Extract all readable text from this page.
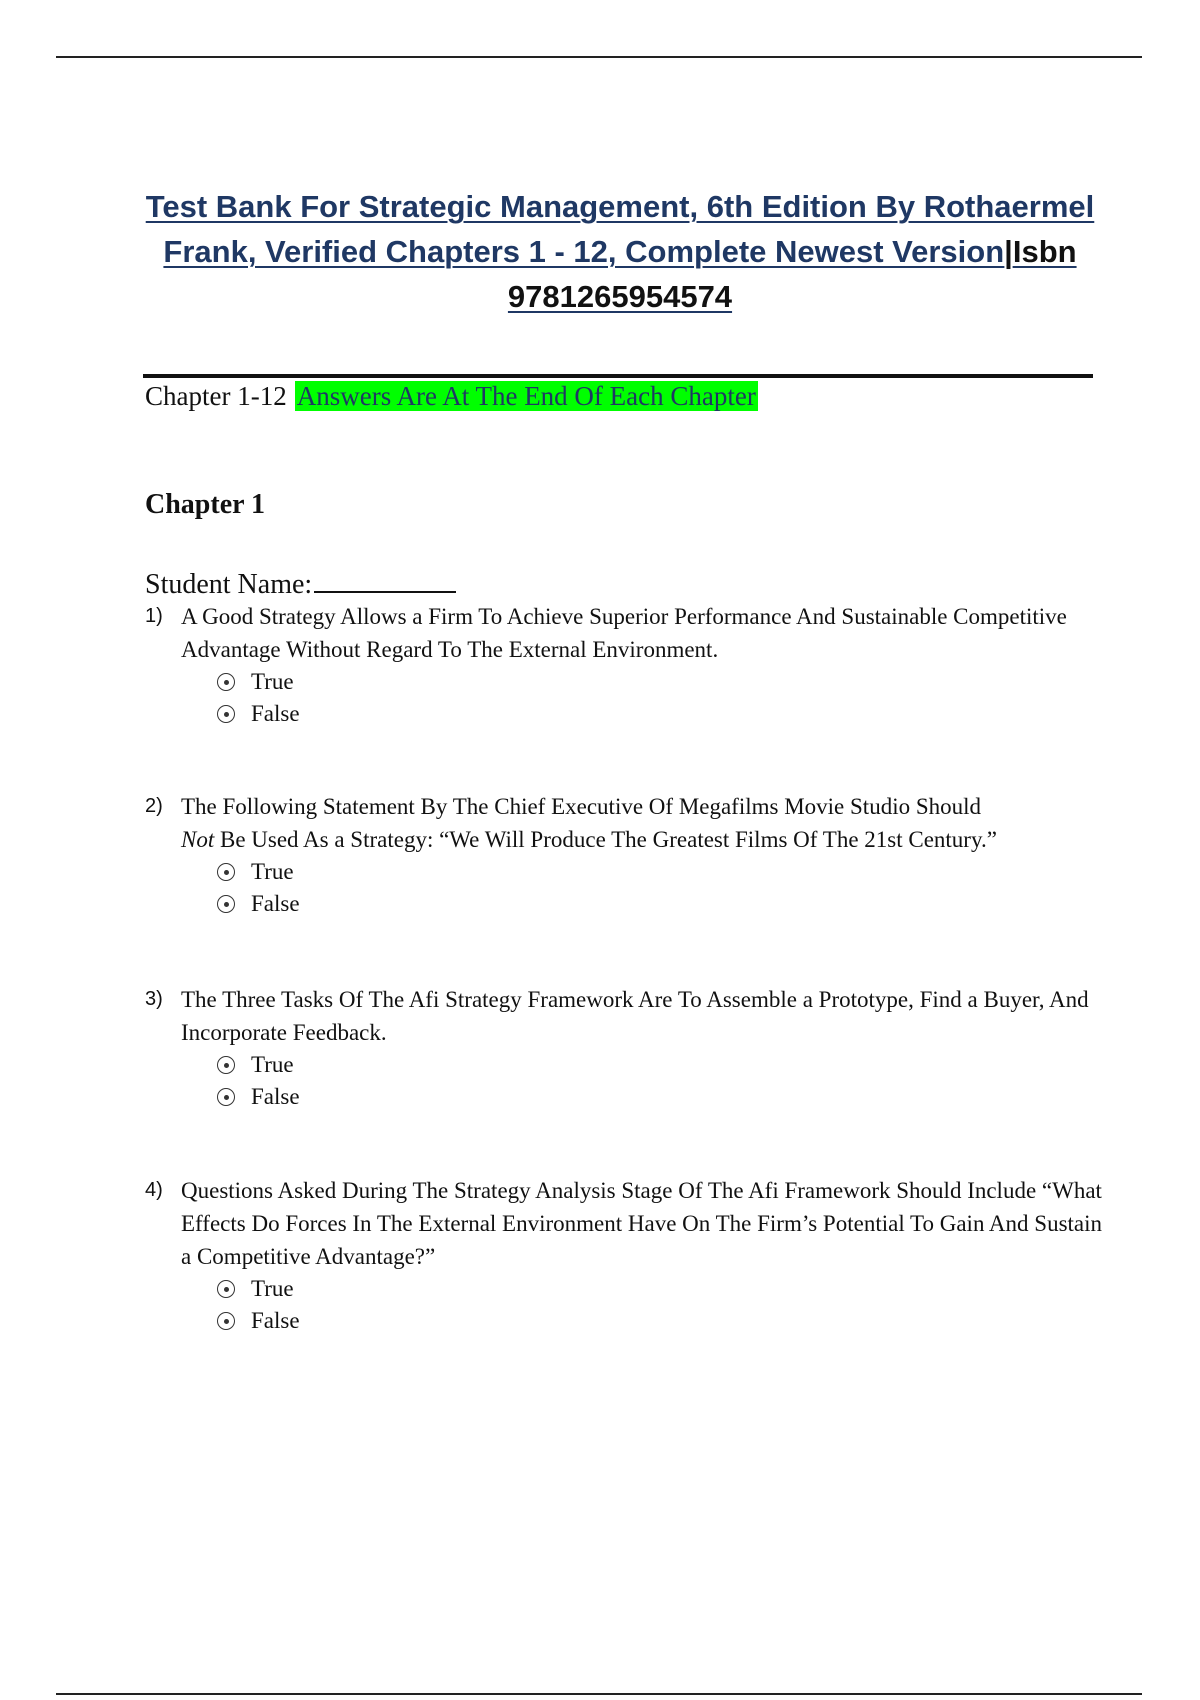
Test Bank For Strategic Management, 6th Edition By Rothaermel
Frank, Verified Chapters 1 - 12, Complete Newest Version|Isbn
9781265954574
Chapter 1-12 Answers Are At The End Of Each Chapter
Chapter 1
Student Name:
1) A Good Strategy Allows a Firm To Achieve Superior Performance And Sustainable Competitive Advantage Without Regard To The External Environment.
True
False
2) The Following Statement By The Chief Executive Of Megafilms Movie Studio Should
Not Be Used As a Strategy: “We Will Produce The Greatest Films Of The 21st Century.”
True
False
3) The Three Tasks Of The Afi Strategy Framework Are To Assemble a Prototype, Find a Buyer, And Incorporate Feedback.
True
False
4) Questions Asked During The Strategy Analysis Stage Of The Afi Framework Should Include “What Effects Do Forces In The External Environment Have On The Firm’s Potential To Gain And Sustain a Competitive Advantage?”
True
False
